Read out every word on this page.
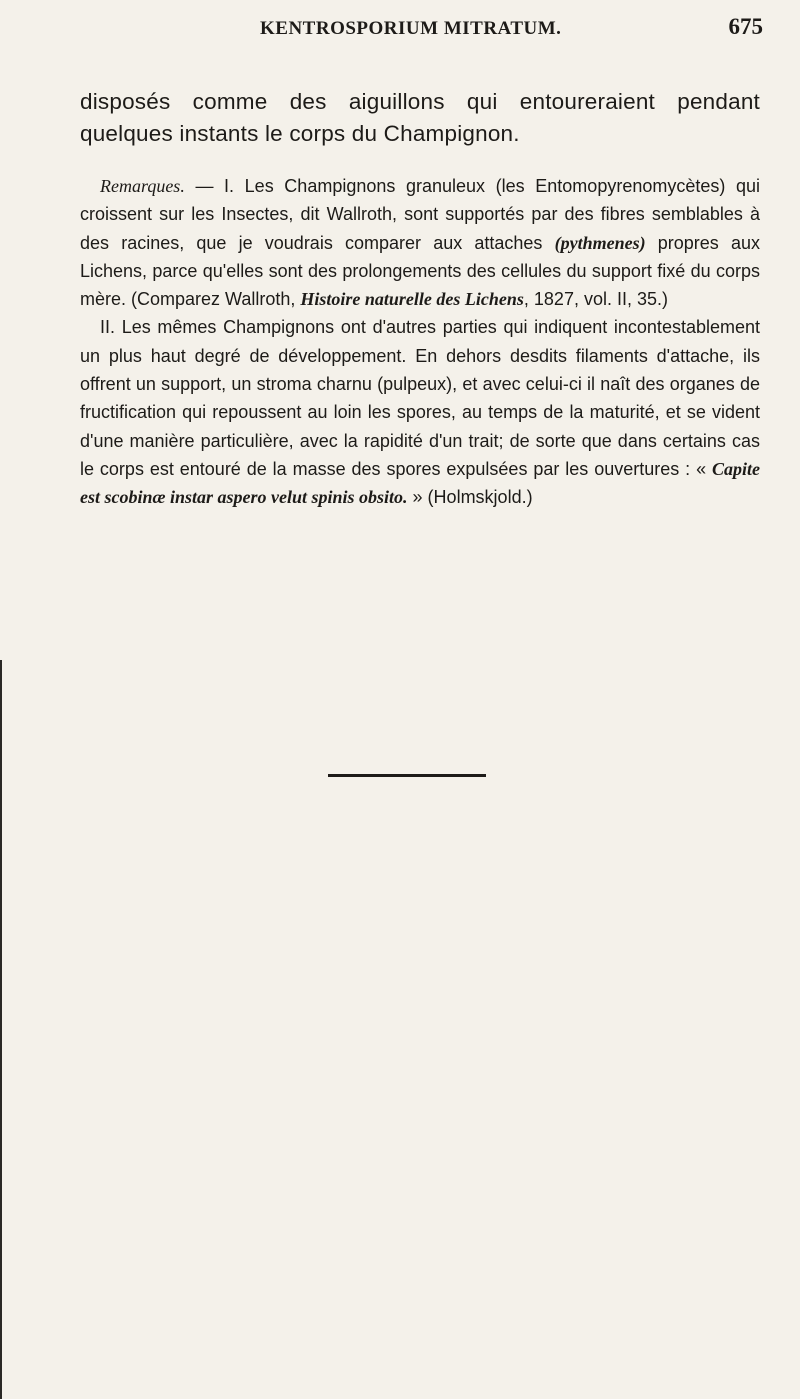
KENTROSPORIUM MITRATUM.	675

disposés comme des aiguillons qui entoureraient pendant quelques instants le corps du Champignon.

Remarques. — I. Les Champignons granuleux (les Entomopyrenomycètes) qui croissent sur les Insectes, dit Wallroth, sont supportés par des fibres semblables à des racines, que je voudrais comparer aux attaches (pythmenes) propres aux Lichens, parce qu'elles sont des prolongements des cellules du support fixé du corps mère. (Comparez Wallroth, Histoire naturelle des Lichens, 1827, vol. II, 35.)

II. Les mêmes Champignons ont d'autres parties qui indiquent incontestablement un plus haut degré de développement. En dehors desdits filaments d'attache, ils offrent un support, un stroma charnu (pulpeux), et avec celui-ci il naît des organes de fructification qui repoussent au loin les spores, au temps de la maturité, et se vident d'une manière particulière, avec la rapidité d'un trait; de sorte que dans certains cas le corps est entouré de la masse des spores expulsées par les ouvertures : « Capite est scobinæ instar aspero velut spinis obsito. » (Holmskjold.)
